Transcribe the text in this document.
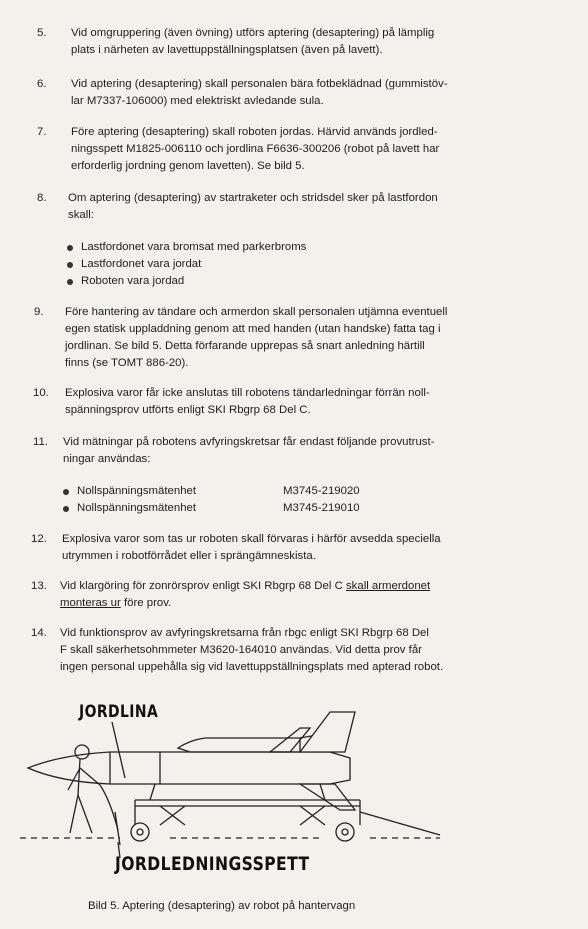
5. Vid omgruppering (även övning) utförs aptering (desaptering) på lämplig
plats i närheten av lavettuppställningsplatsen (även på lavett).
6. Vid aptering (desaptering) skall personalen bära fotbeklädnad (gummistöv-
lar M7337-106000) med elektriskt avledande sula.
7. Före aptering (desaptering) skall roboten jordas. Härvid används jordled-
ningsspett M1825-006110 och jordlina F6636-300206 (robot på lavett har
erforderlig jordning genom lavetten). Se bild 5.
8. Om aptering (desaptering) av startraketer och stridsdel sker på lastfordon
skall:
Lastfordonet vara bromsat med parkerbroms
Lastfordonet vara jordat
Roboten vara jordad
9. Före hantering av tändare och armerdon skall personalen utjämna eventuell
egen statisk uppladdning genom att med handen (utan handske) fatta tag i
jordlinan. Se bild 5. Detta förfarande upprepas så snart anledning härtill
finns (se TOMT 886-20).
10. Explosiva varor får icke anslutas till robotens tändarledningar förrän noll-
spänningsprov utförts enligt SKI Rbgrp 68 Del C.
11. Vid mätningar på robotens avfyringskretsar får endast följande provutrust-
ningar användas:
Nollspänningsmätenhet	M3745-219020
Nollspänningsmätenhet	M3745-219010
12. Explosiva varor som tas ur roboten skall förvaras i härför avsedda speciella
utrymmen i robotförrådet eller i sprängämneskista.
13. Vid klargöring för zonrörsprov enligt SKI Rbgrp 68 Del C skall armerdonet
monteras ur före prov.
14. Vid funktionsprov av avfyringskretsarna från rbgc enligt SKI Rbgrp 68 Del
F skall säkerhetsohmmeter M3620-164010 användas. Vid detta prov får
ingen personal uppehålla sig vid lavettuppställningsplats med apterad robot.
JORDLINA
JORDLEDNINGSSPETT
Bild 5. Aptering (desaptering) av robot på hantervagn
